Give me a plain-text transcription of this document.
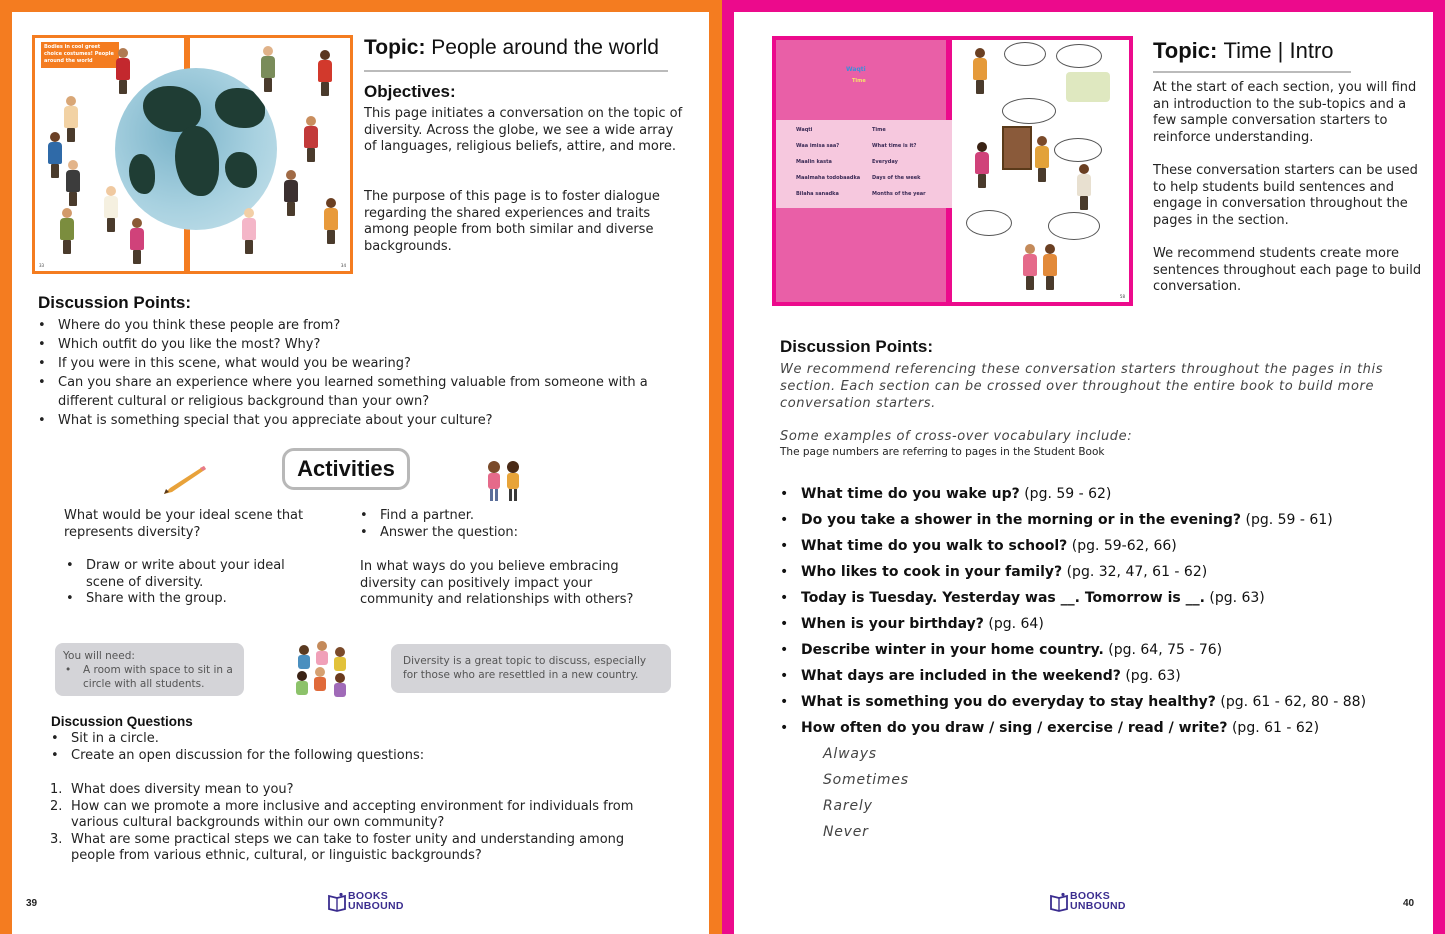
Bodies in cool greet choice costumes! People around the world
33	34
Topic: People around the world
Objectives:

This page initiates a conversation on the topic of diversity. Across the globe, we see a wide array of languages, religious beliefs, attire, and more.

The purpose of this page is to foster dialogue regarding the shared experiences and traits among people from both similar and diverse backgrounds.

Discussion Points:
• Where do you think these people are from?
• Which outfit do you like the most? Why?
• If you were in this scene, what would you be wearing?
• Can you share an experience where you learned something valuable from someone with a different cultural or religious background than your own?
• What is something special that you appreciate about your culture?
Activities

What would be your ideal scene that represents diversity?

• Draw or write about your ideal scene of diversity.
• Share with the group.
• Find a partner.
• Answer the question:

In what ways do you believe embracing diversity can positively impact your community and relationships with others?

You will need:
• A room with space to sit in a circle with all students.
Diversity is a great topic to discuss, especially for those who are resettled in a new country.
Discussion Questions
• Sit in a circle.
• Create an open discussion for the following questions:
1. What does diversity mean to you?
2. How can we promote a more inclusive and accepting environment for individuals from various cultural backgrounds within our own community?
3. What are some practical steps we can take to foster unity and understanding among people from various ethnic, cultural, or linguistic backgrounds?
39
BOOKS
UNBOUND
Waqti
Time
Waqti
Waa imisa saa?
Maalin kasta
Maalmaha todobaadka
Bilaha sanadka
Time
What time is it?
Everyday
Days of the week
Months of the year
58
Topic: Time | Intro

At the start of each section, you will find an introduction to the sub-topics and a few sample conversation starters to reinforce understanding.

These conversation starters can be used to help students build sentences and engage in conversation throughout the pages in the section.

We recommend students create more sentences throughout each page to build conversation.

Discussion Points:

We recommend referencing these conversation starters throughout the pages in this section. Each section can be crossed over throughout the entire book to build more conversation starters.

Some examples of cross-over vocabulary include:

The page numbers are referring to pages in the Student Book
• What time do you wake up? (pg. 59 - 62)
• Do you take a shower in the morning or in the evening? (pg. 59 - 61)
• What time do you walk to school? (pg. 59-62, 66)
• Who likes to cook in your family? (pg. 32, 47, 61 - 62)
• Today is Tuesday. Yesterday was __. Tomorrow is __. (pg. 63)
• When is your birthday? (pg. 64)
• Describe winter in your home country. (pg. 64, 75 - 76)
• What days are included in the weekend? (pg. 63)
• What is something you do everyday to stay healthy? (pg. 61 - 62, 80 - 88)
• How often do you draw / sing / exercise / read / write? (pg. 61 - 62)
Always
Sometimes
Rarely
Never
BOOKS
UNBOUND	40
